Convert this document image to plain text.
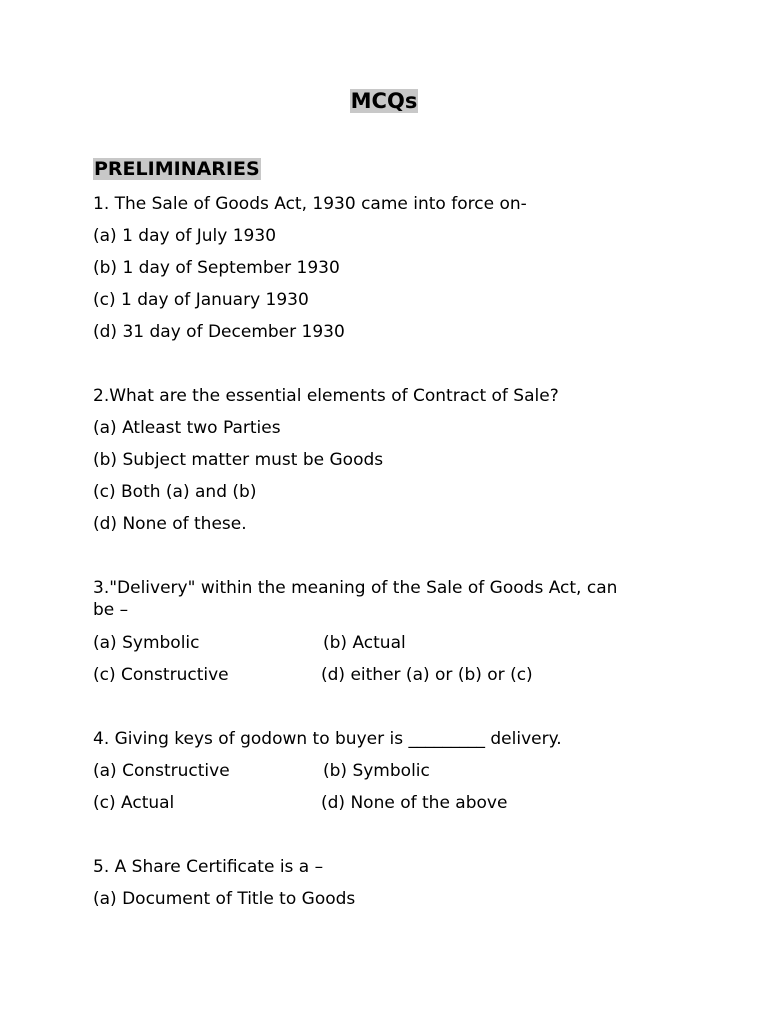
MCQs
PRELIMINARIES
1. The Sale of Goods Act, 1930 came into force on-
(a) 1 day of July 1930
(b) 1 day of September 1930
(c) 1 day of January 1930
(d) 31 day of December 1930
2.What are the essential elements of Contract of Sale?
(a) Atleast two Parties
(b) Subject matter must be Goods
(c) Both (a) and (b)
(d) None of these.
3."Delivery" within the meaning of the Sale of Goods Act, can
be –
(a) Symbolic	(b) Actual
(c) Constructive	(d) either (a) or (b) or (c)
4. Giving keys of godown to buyer is _________ delivery.
(a) Constructive	(b) Symbolic
(c) Actual	(d) None of the above
5. A Share Certificate is a –
(a) Document of Title to Goods
